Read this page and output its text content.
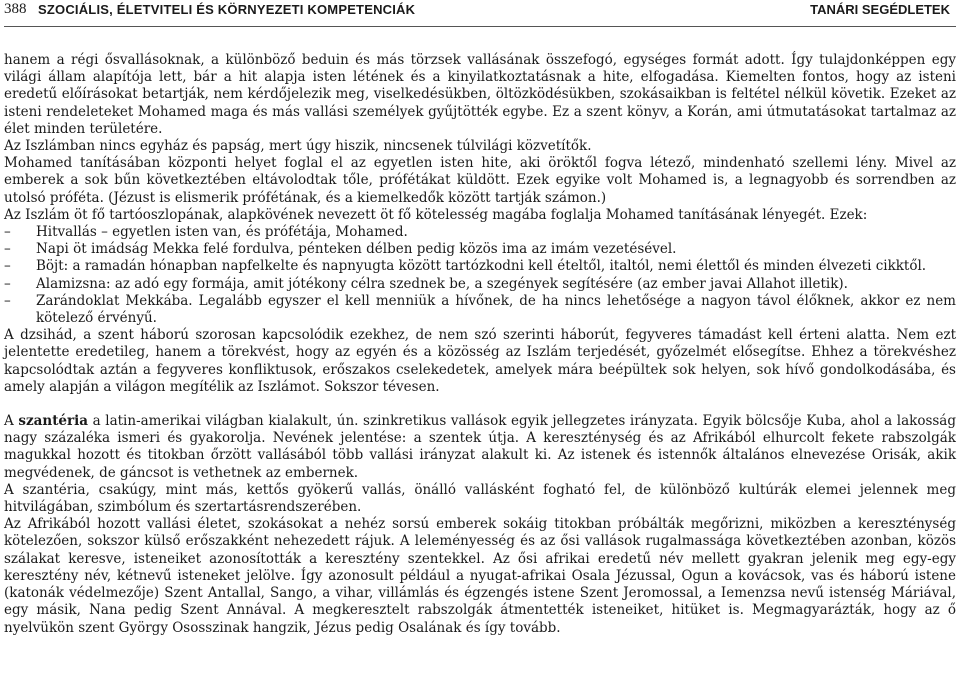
388 SZOCIÁLIS, ÉLETVITELI ÉS KÖRNYEZETI KOMPETENCIÁK	TANÁRI SEGÉDLETEK

hanem a régi ősvallásoknak, a különböző beduin és más törzsek vallásának összefogó, egységes formát adott. Így tulajdonképpen egy világi állam alapítója lett, bár a hit alapja isten létének és a kinyilatkoztatásnak a hite, elfogadása. Kiemelten fontos, hogy az isteni eredetű előírásokat betartják, nem kérdőjelezik meg, viselkedésükben, öltözködésükben, szokásaikban is feltétel nélkül követik. Ezeket az isteni rendeleteket Mohamed maga és más vallási személyek gyűjtötték egybe. Ez a szent könyv, a Korán, ami útmutatásokat tartalmaz az élet minden területére.

Az Iszlámban nincs egyház és papság, mert úgy hiszik, nincsenek túlvilági közvetítők.

Mohamed tanításában központi helyet foglal el az egyetlen isten hite, aki öröktől fogva létező, mindenható szellemi lény. Mivel az emberek a sok bűn következtében eltávolodtak tőle, prófétákat küldött. Ezek egyike volt Mohamed is, a legnagyobb és sorrendben az utolsó próféta. (Jézust is elismerik prófétának, és a kiemelkedők között tartják számon.)

Az Iszlám öt fő tartóoszlopának, alapkövének nevezett öt fő kötelesség magába foglalja Mohamed tanításának lényegét. Ezek:

– Hitvallás – egyetlen isten van, és prófétája, Mohamed.
– Napi öt imádság Mekka felé fordulva, pénteken délben pedig közös ima az imám vezetésével.
– Böjt: a ramadán hónapban napfelkelte és napnyugta között tartózkodni kell ételtől, italtól, nemi élettől és minden élvezeti cikktől.
– Alamizsna: az adó egy formája, amit jótékony célra szednek be, a szegények segítésére (az ember javai Allahot illetik).
– Zarándoklat Mekkába. Legalább egyszer el kell menniük a hívőnek, de ha nincs lehetősége a nagyon távol élőknek, akkor ez nem kötelező érvényű.

A dzsihád, a szent háború szorosan kapcsolódik ezekhez, de nem szó szerinti háborút, fegyveres támadást kell érteni alatta. Nem ezt jelentette eredetileg, hanem a törekvést, hogy az egyén és a közösség az Iszlám terjedését, győzelmét elősegítse. Ehhez a törekvéshez kapcsolódtak aztán a fegyveres konfliktusok, erőszakos cselekedetek, amelyek mára beépültek sok helyen, sok hívő gondolkodásába, és amely alapján a világon megítélik az Iszlámot. Sokszor tévesen.

A szantéria a latin-amerikai világban kialakult, ún. szinkretikus vallások egyik jellegzetes irányzata. Egyik bölcsője Kuba, ahol a lakosság nagy százaléka ismeri és gyakorolja. Nevének jelentése: a szentek útja. A kereszténység és az Afrikából elhurcolt fekete rabszolgák magukkal hozott és titokban őrzött vallásából több vallási irányzat alakult ki. Az istenek és istennők általános elnevezése Orisák, akik megvédenek, de gáncsot is vethetnek az embernek.

A szantéria, csakúgy, mint más, kettős gyökerű vallás, önálló vallásként fogható fel, de különböző kultúrák elemei jelennek meg hitvilágában, szimbólum és szertartásrendszerében.

Az Afrikából hozott vallási életet, szokásokat a nehéz sorsú emberek sokáig titokban próbálták megőrizni, miközben a kereszténység kötelezően, sokszor külső erőszakként nehezedett rájuk. A leleményesség és az ősi vallások rugalmassága következtében azonban, közös szálakat keresve, isteneiket azonosították a keresztény szentekkel. Az ősi afrikai eredetű név mellett gyakran jelenik meg egy-egy keresztény név, kétnevű isteneket jelölve. Így azonosult például a nyugat-afrikai Osala Jézussal, Ogun a kovácsok, vas és háború istene (katonák védelmezője) Szent Antallal, Sango, a vihar, villámlás és égzengés istene Szent Jeromossal, a Iemenzsa nevű istenség Máriával, egy másik, Nana pedig Szent Annával. A megkeresztelt rabszolgák átmentették isteneiket, hitüket is. Megmagyarázták, hogy az ő nyelvükön szent György Ososszinak hangzik, Jézus pedig Osalának és így tovább.
